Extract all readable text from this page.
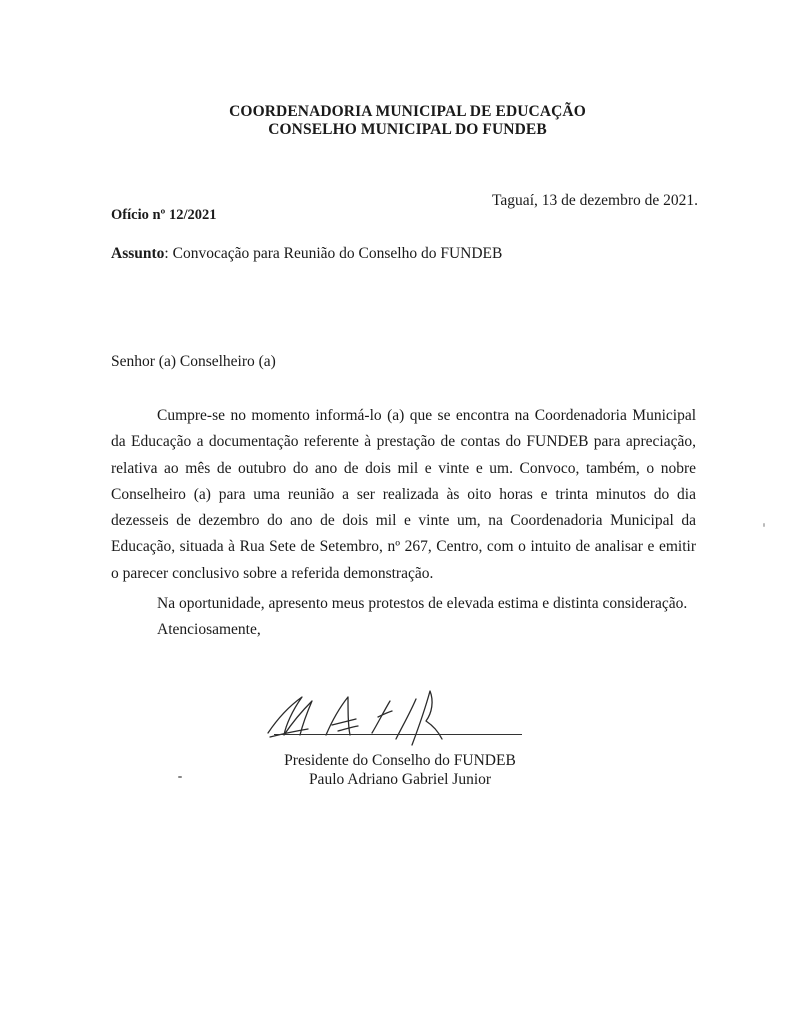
COORDENADORIA MUNICIPAL DE EDUCAÇÃO
CONSELHO MUNICIPAL DO FUNDEB
Taguaí, 13 de dezembro de 2021.
Ofício nº 12/2021
Assunto: Convocação para Reunião do Conselho do FUNDEB
Senhor (a) Conselheiro (a)
Cumpre-se no momento informá-lo (a) que se encontra na Coordenadoria Municipal da Educação a documentação referente à prestação de contas do FUNDEB para apreciação, relativa ao mês de outubro do ano de dois mil e vinte e um. Convoco, também, o nobre Conselheiro (a) para uma reunião a ser realizada às oito horas e trinta minutos do dia dezesseis de dezembro do ano de dois mil e vinte um, na Coordenadoria Municipal da Educação, situada à Rua Sete de Setembro, nº 267, Centro, com o intuito de analisar e emitir o parecer conclusivo sobre a referida demonstração.
Na oportunidade, apresento meus protestos de elevada estima e distinta consideração.
Atenciosamente,
Presidente do Conselho do FUNDEB
Paulo Adriano Gabriel Junior
